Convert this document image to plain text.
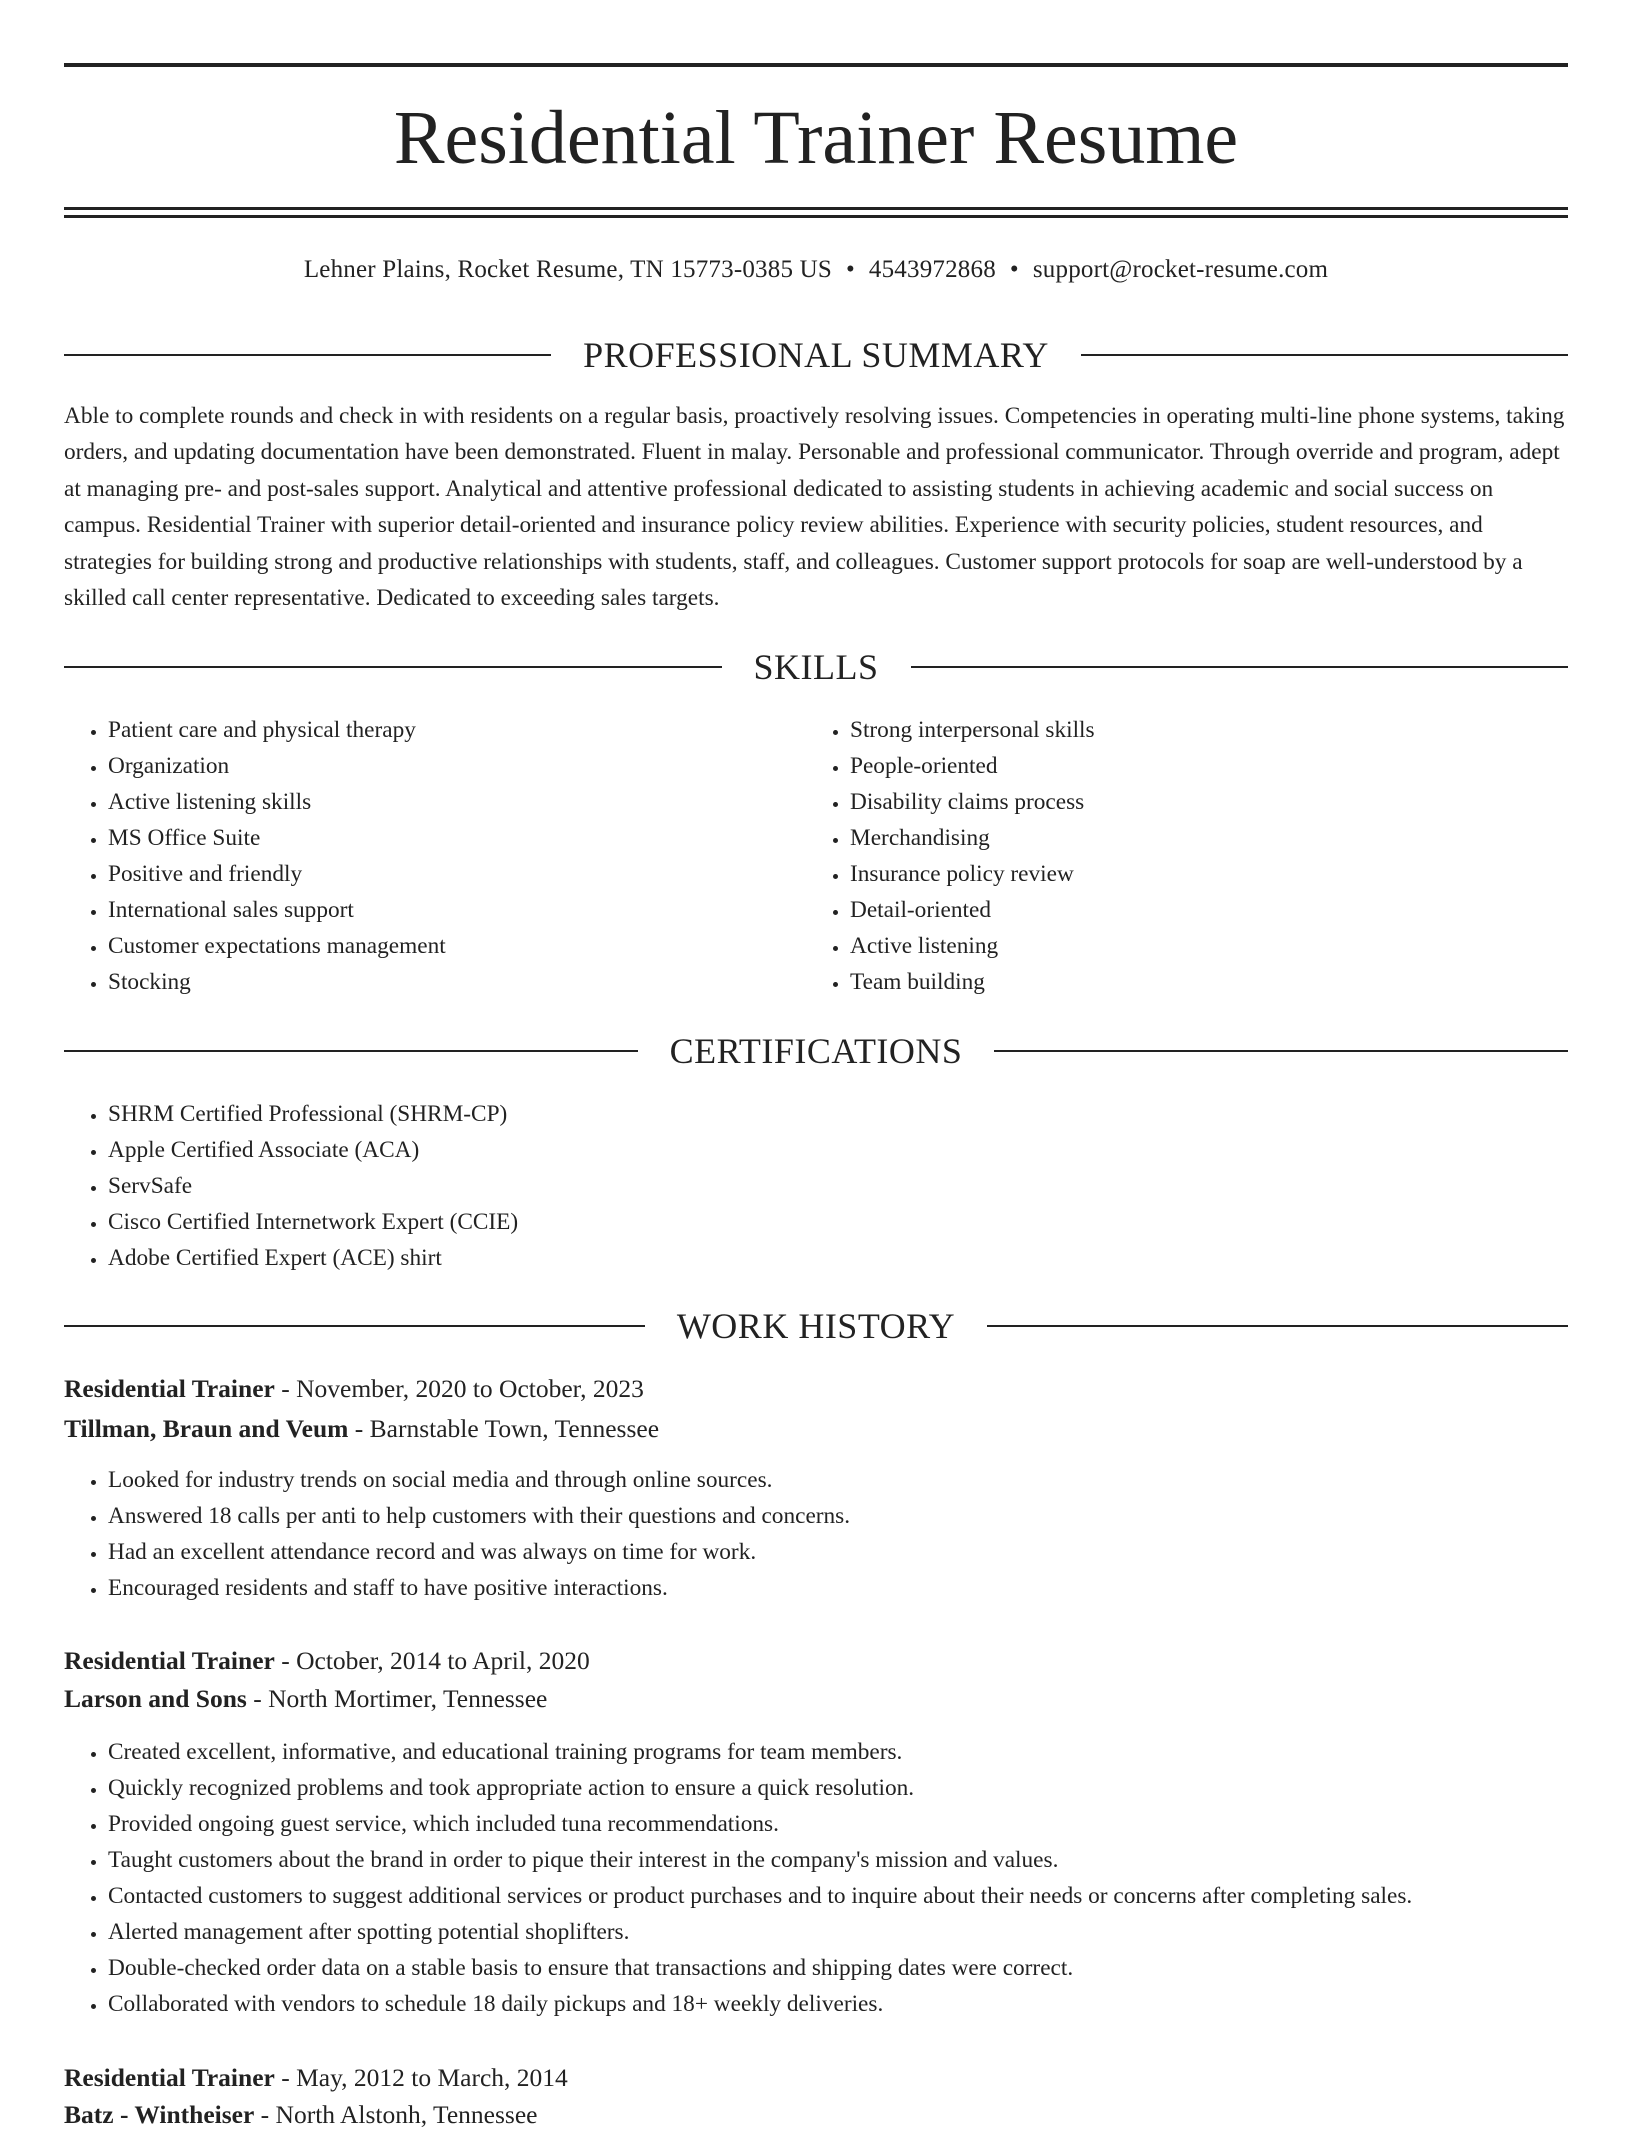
Residential Trainer Resume
Lehner Plains, Rocket Resume, TN 15773-0385 US • 4543972868 • support@rocket-resume.com
PROFESSIONAL SUMMARY

Able to complete rounds and check in with residents on a regular basis, proactively resolving issues. Competencies in operating multi-line phone systems, taking orders, and updating documentation have been demonstrated. Fluent in malay. Personable and professional communicator. Through override and program, adept at managing pre- and post-sales support. Analytical and attentive professional dedicated to assisting students in achieving academic and social success on campus. Residential Trainer with superior detail-oriented and insurance policy review abilities. Experience with security policies, student resources, and strategies for building strong and productive relationships with students, staff, and colleagues. Customer support protocols for soap are well-understood by a skilled call center representative. Dedicated to exceeding sales targets.

SKILLS
• Patient care and physical therapy
• Organization
• Active listening skills
• MS Office Suite
• Positive and friendly
• International sales support
• Customer expectations management
• Stocking
• Strong interpersonal skills
• People-oriented
• Disability claims process
• Merchandising
• Insurance policy review
• Detail-oriented
• Active listening
• Team building
CERTIFICATIONS
• SHRM Certified Professional (SHRM-CP)
• Apple Certified Associate (ACA)
• ServSafe
• Cisco Certified Internetwork Expert (CCIE)
• Adobe Certified Expert (ACE) shirt
WORK HISTORY
Residential Trainer - November, 2020 to October, 2023
Tillman, Braun and Veum - Barnstable Town, Tennessee
• Looked for industry trends on social media and through online sources.
• Answered 18 calls per anti to help customers with their questions and concerns.
• Had an excellent attendance record and was always on time for work.
• Encouraged residents and staff to have positive interactions.
Residential Trainer - October, 2014 to April, 2020
Larson and Sons - North Mortimer, Tennessee
• Created excellent, informative, and educational training programs for team members.
• Quickly recognized problems and took appropriate action to ensure a quick resolution.
• Provided ongoing guest service, which included tuna recommendations.
• Taught customers about the brand in order to pique their interest in the company's mission and values.
• Contacted customers to suggest additional services or product purchases and to inquire about their needs or concerns after completing sales.
• Alerted management after spotting potential shoplifters.
• Double-checked order data on a stable basis to ensure that transactions and shipping dates were correct.
• Collaborated with vendors to schedule 18 daily pickups and 18+ weekly deliveries.
Residential Trainer - May, 2012 to March, 2014
Batz - Wintheiser - North Alstonh, Tennessee
